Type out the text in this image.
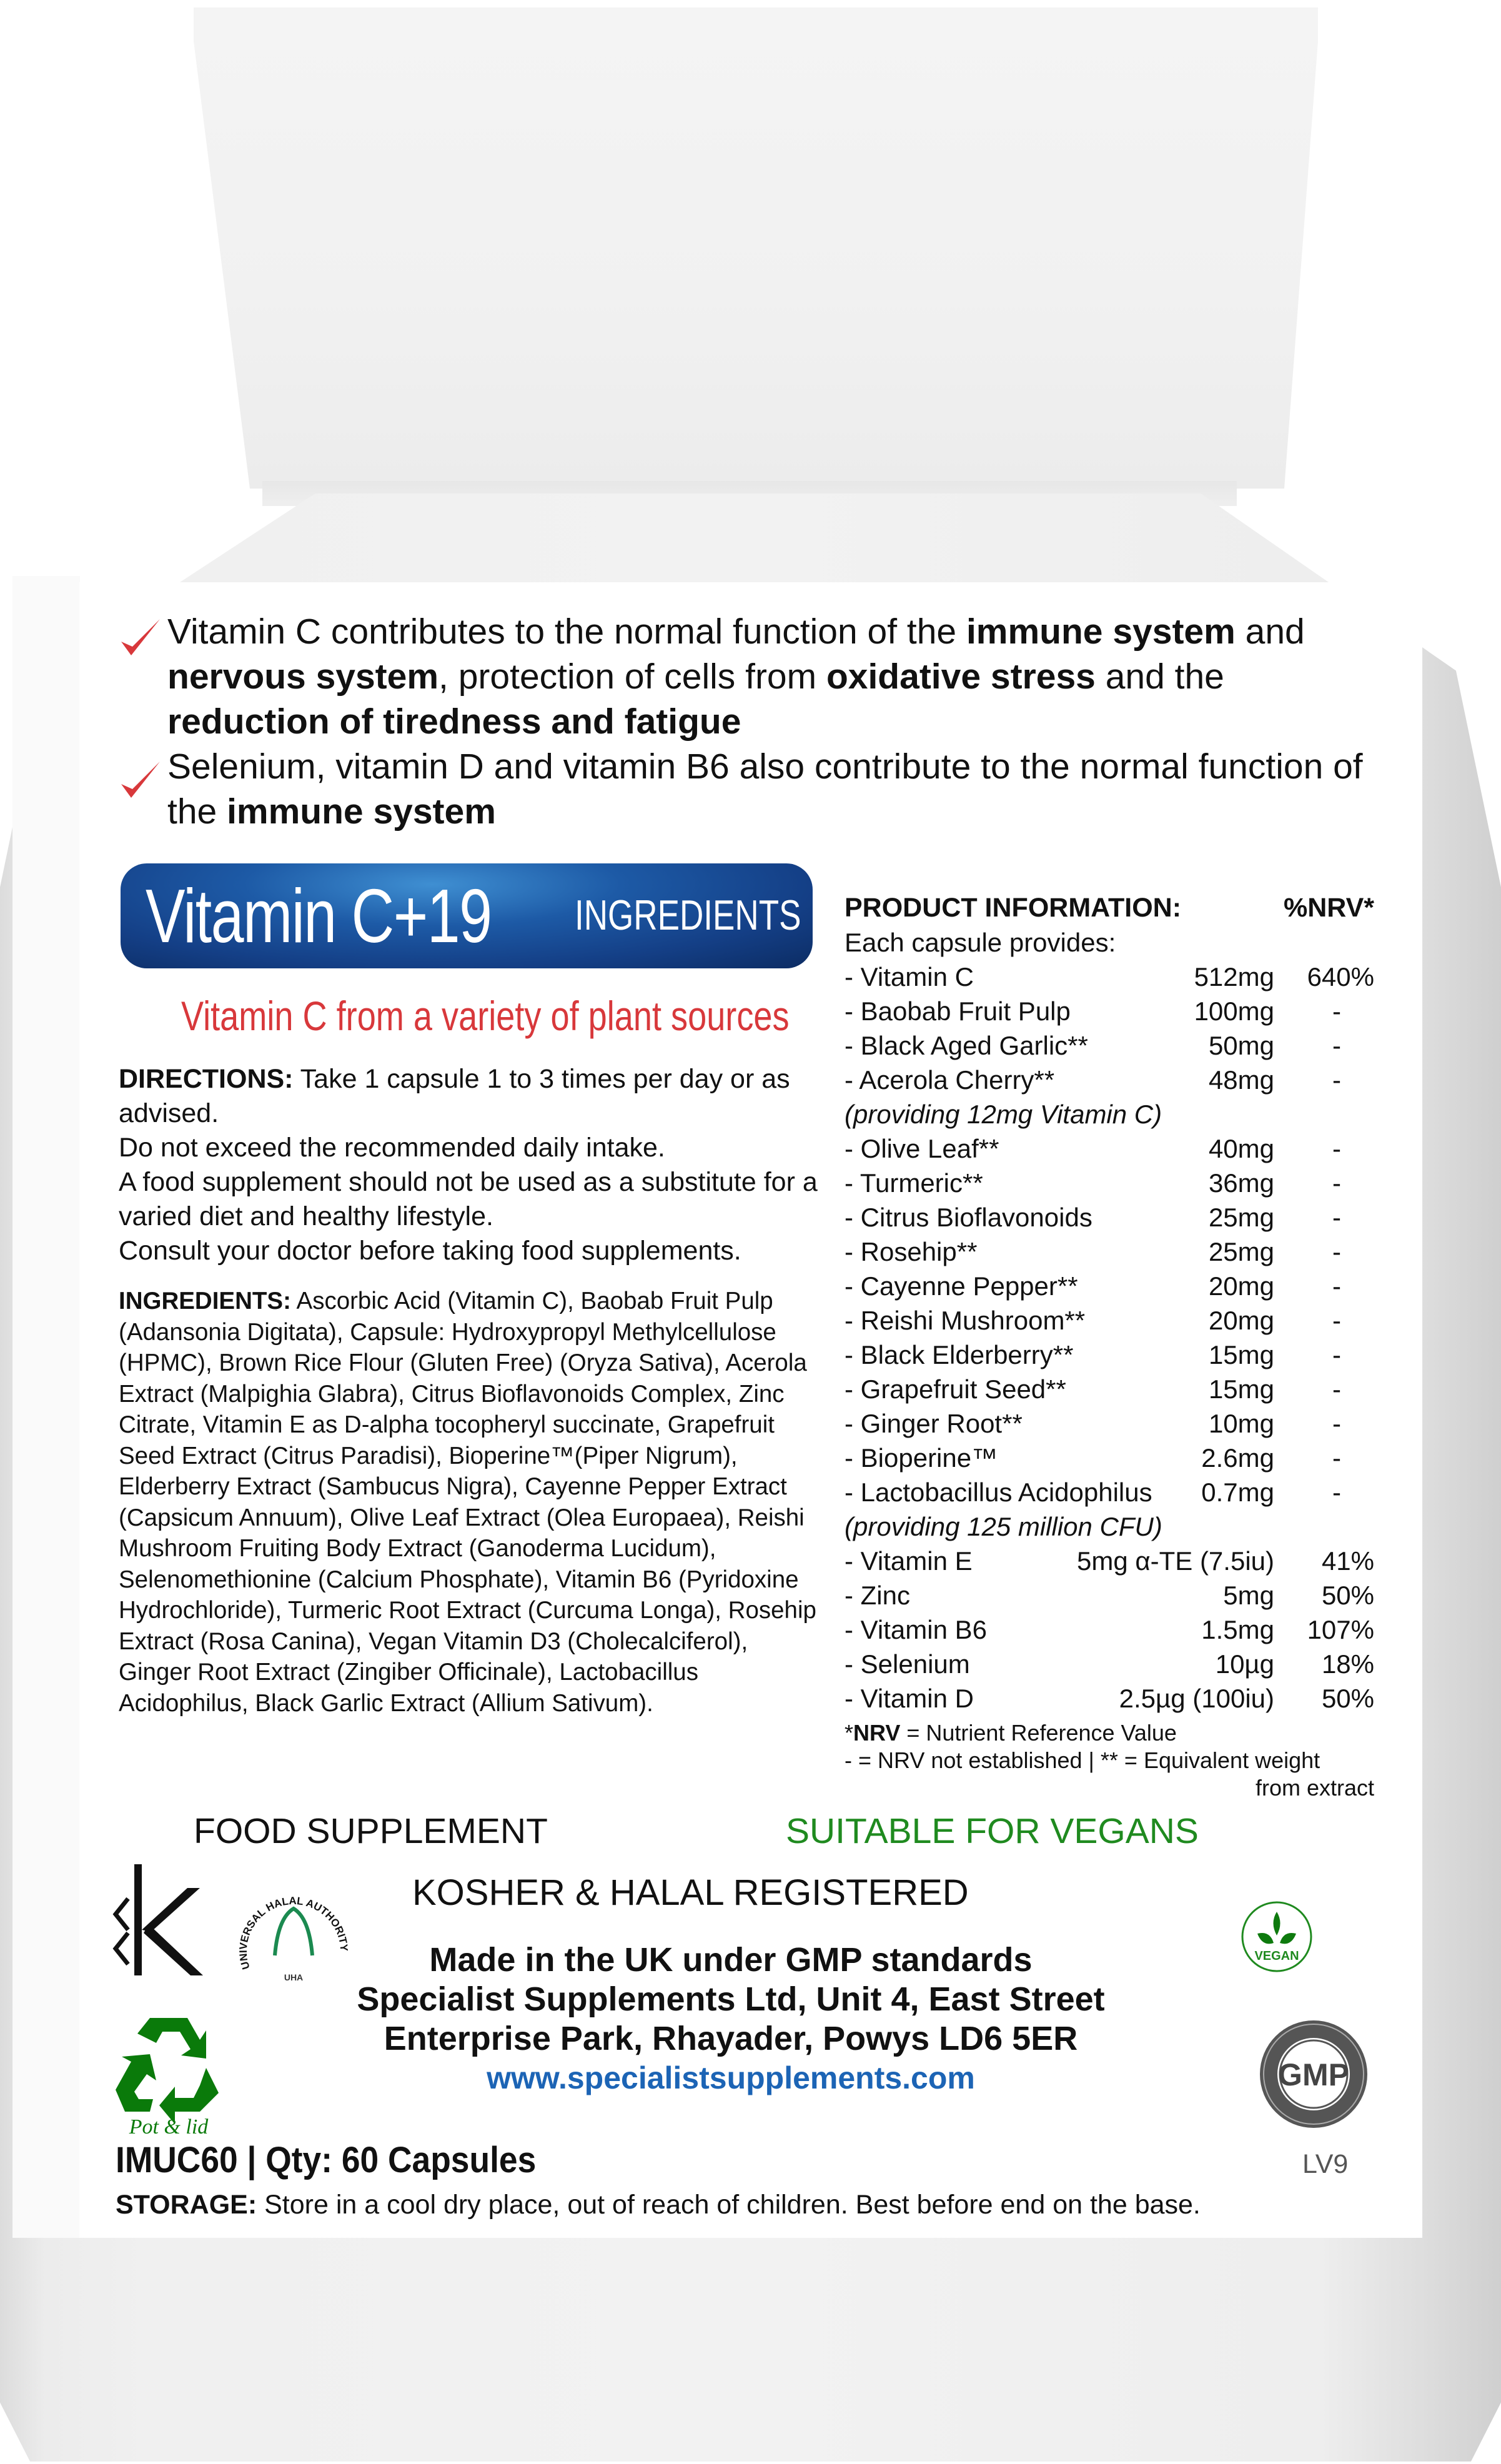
Vitamin C contributes to the normal function of the immune system and nervous system, protection of cells from oxidative stress and the reduction of tiredness and fatigue
Selenium, vitamin D and vitamin B6 also contribute to the normal function of the immune system
Vitamin C+19 INGREDIENTS
Vitamin C from a variety of plant sources
DIRECTIONS: Take 1 capsule 1 to 3 times per day or as advised.
Do not exceed the recommended daily intake.
A food supplement should not be used as a substitute for a varied diet and healthy lifestyle.
Consult your doctor before taking food supplements.
INGREDIENTS: Ascorbic Acid (Vitamin C), Baobab Fruit Pulp (Adansonia Digitata), Capsule: Hydroxypropyl Methylcellulose (HPMC), Brown Rice Flour (Gluten Free) (Oryza Sativa), Acerola Extract (Malpighia Glabra), Citrus Bioflavonoids Complex, Zinc Citrate, Vitamin E as D-alpha tocopheryl succinate, Grapefruit Seed Extract (Citrus Paradisi), Bioperine™(Piper Nigrum), Elderberry Extract (Sambucus Nigra), Cayenne Pepper Extract (Capsicum Annuum), Olive Leaf Extract (Olea Europaea), Reishi Mushroom Fruiting Body Extract (Ganoderma Lucidum), Selenomethionine (Calcium Phosphate), Vitamin B6 (Pyridoxine Hydrochloride), Turmeric Root Extract (Curcuma Longa), Rosehip Extract (Rosa Canina), Vegan Vitamin D3 (Cholecalciferol), Ginger Root Extract (Zingiber Officinale), Lactobacillus Acidophilus, Black Garlic Extract (Allium Sativum).
PRODUCT INFORMATION:	%NRV*
Each capsule provides:
- Vitamin C	512mg 640%
- Baobab Fruit Pulp	100mg	-
- Black Aged Garlic**	50mg	-
- Acerola Cherry**	48mg	-
(providing 12mg Vitamin C)
- Olive Leaf**	40mg	-
- Turmeric**	36mg	-
- Citrus Bioflavonoids	25mg	-
- Rosehip**	25mg	-
- Cayenne Pepper**	20mg	-
- Reishi Mushroom**	20mg	-
- Black Elderberry**	15mg	-
- Grapefruit Seed**	15mg	-
- Ginger Root**	10mg	-
- Bioperine™	2.6mg	-
- Lactobacillus Acidophilus	0.7mg	-
(providing 125 million CFU)
- Vitamin E	5mg α-TE (7.5iu)	41%
- Zinc	5mg	50%
- Vitamin B6	1.5mg 107%
- Selenium	10µg	18%
- Vitamin D	2.5µg (100iu)	50%
*NRV = Nutrient Reference Value
- = NRV not established | ** = Equivalent weight
from extract
FOOD SUPPLEMENT	SUITABLE FOR VEGANS
KOSHER & HALAL REGISTERED
UNIVERSAL HALAL AUTHORITY
UHA
Pot & lid
Made in the UK under GMP standards
Specialist Supplements Ltd, Unit 4, East Street
Enterprise Park, Rhayader, Powys LD6 5ER
www.specialistsupplements.com
VEGAN
GMP
IMUC60 | Qty: 60 Capsules	LV9
STORAGE: Store in a cool dry place, out of reach of children. Best before end on the base.
